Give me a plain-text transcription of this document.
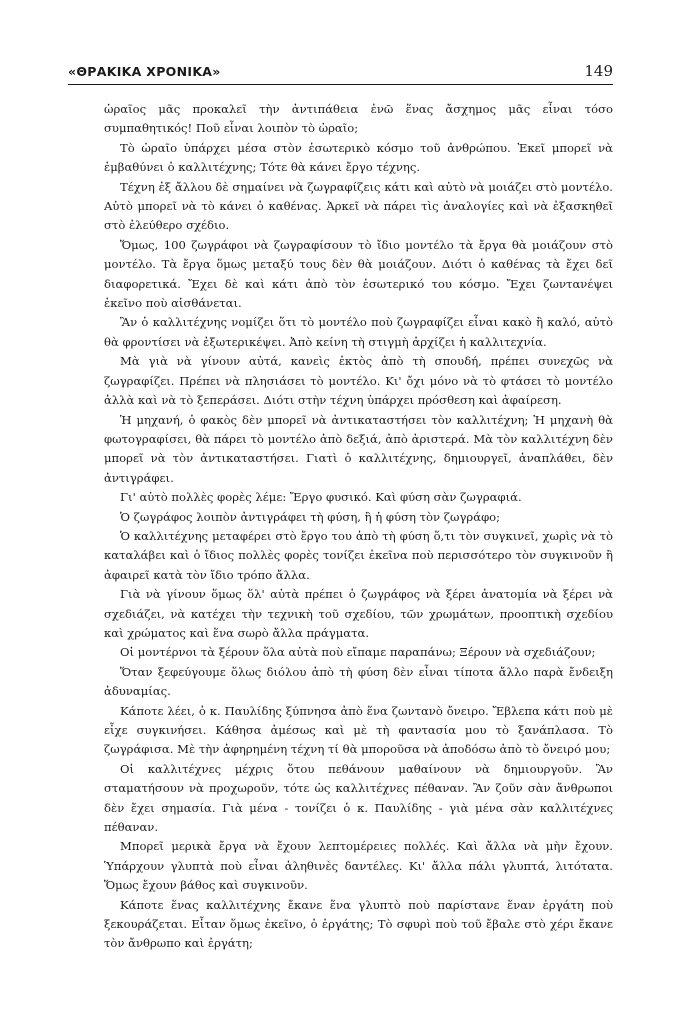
«ΘΡΑΚΙΚΑ ΧΡΟΝΙΚΑ»	149

ὡραῖος μᾶς προκαλεῖ τὴν ἀντιπάθεια ἐνῶ ἕνας ἄσχημος μᾶς εἶναι τόσο συμπαθητικός! Ποῦ εἶναι λοιπὸν τὸ ὡραῖο;

Τὸ ὡραῖο ὑπάρχει μέσα στὸν ἐσωτερικὸ κόσμο τοῦ ἀνθρώπου. Ἐκεῖ μπορεῖ νὰ ἐμβαθύνει ὁ καλλιτέχνης; Τότε θὰ κάνει ἔργο τέχνης.

Τέχνη ἐξ ἄλλου δὲ σημαίνει νὰ ζωγραφίζεις κάτι καὶ αὐτὸ νὰ μοιάζει στὸ μοντέλο. Αὐτὸ μπορεῖ νὰ τὸ κάνει ὁ καθένας. Ἀρκεῖ νὰ πάρει τὶς ἀναλογίες καὶ νὰ ἐξασκηθεῖ στὸ ἐλεύθερο σχέδιο.

Ὅμως, 100 ζωγράφοι νὰ ζωγραφίσουν τὸ ἴδιο μοντέλο τὰ ἔργα θὰ μοιάζουν στὸ μοντέλο. Τὰ ἔργα ὅμως μεταξύ τους δὲν θὰ μοιάζουν. Διότι ὁ καθένας τὰ ἔχει δεῖ διαφορετικά. Ἔχει δὲ καὶ κάτι ἀπὸ τὸν ἐσωτερικό του κόσμο. Ἔχει ζωντανέψει ἐκεῖνο ποὺ αἰσθάνεται.

Ἂν ὁ καλλιτέχνης νομίζει ὅτι τὸ μοντέλο ποὺ ζωγραφίζει εἶναι κακὸ ἢ καλό, αὐτὸ θὰ φροντίσει νὰ ἐξωτερικέψει. Ἀπὸ κείνη τὴ στιγμὴ ἀρχίζει ἡ καλλιτεχνία.

Μὰ γιὰ νὰ γίνουν αὐτά, κανεὶς ἐκτὸς ἀπὸ τὴ σπουδή, πρέπει συνεχῶς νὰ ζωγραφίζει. Πρέπει νὰ πλησιάσει τὸ μοντέλο. Κι' ὄχι μόνο νὰ τὸ φτάσει τὸ μοντέλο ἀλλὰ καὶ νὰ τὸ ξεπεράσει. Διότι στὴν τέχνη ὑπάρχει πρόσθεση καὶ ἀφαίρεση.

Ἡ μηχανή, ὁ φακὸς δὲν μπορεῖ νὰ ἀντικαταστήσει τὸν καλλιτέχνη; Ἡ μηχανὴ θὰ φωτογραφίσει, θὰ πάρει τὸ μοντέλο ἀπὸ δεξιά, ἀπὸ ἀριστερά. Μὰ τὸν καλλιτέχνη δὲν μπορεῖ νὰ τὸν ἀντικαταστήσει. Γιατὶ ὁ καλλιτέχνης, δημιουργεῖ, ἀναπλάθει, δὲν ἀντιγράφει.

Γι' αὐτὸ πολλὲς φορὲς λέμε: Ἔργο φυσικό. Καὶ φύση σὰν ζωγραφιά.

Ὁ ζωγράφος λοιπὸν ἀντιγράφει τὴ φύση, ἢ ἡ φύση τὸν ζωγράφο;

Ὁ καλλιτέχνης μεταφέρει στὸ ἔργο του ἀπὸ τὴ φύση ὅ,τι τὸν συγκινεῖ, χωρὶς νὰ τὸ καταλάβει καὶ ὁ ἴδιος πολλὲς φορὲς τονίζει ἐκεῖνα ποὺ περισσότερο τὸν συγκινοῦν ἢ ἀφαιρεῖ κατὰ τὸν ἴδιο τρόπο ἄλλα.

Γιὰ νὰ γίνουν ὅμως ὅλ' αὐτὰ πρέπει ὁ ζωγράφος νὰ ξέρει ἀνατομία νὰ ξέρει νὰ σχεδιάζει, νὰ κατέχει τὴν τεχνικὴ τοῦ σχεδίου, τῶν χρωμάτων, προοπτικὴ σχεδίου καὶ χρώματος καὶ ἕνα σωρὸ ἄλλα πράγματα.

Οἱ μοντέρνοι τὰ ξέρουν ὅλα αὐτὰ ποὺ εἴπαμε παραπάνω; Ξέρουν νὰ σχεδιάζουν;

Ὅταν ξεφεύγουμε ὅλως διόλου ἀπὸ τὴ φύση δὲν εἶναι τίποτα ἄλλο παρὰ ἔνδειξη ἀδυναμίας.

Κάποτε λέει, ὁ κ. Παυλίδης ξύπνησα ἀπὸ ἕνα ζωντανὸ ὄνειρο. Ἔβλεπα κάτι ποὺ μὲ εἶχε συγκινήσει. Κάθησα ἀμέσως καὶ μὲ τὴ φαντασία μου τὸ ξανάπλασα. Τὸ ζωγράφισα. Μὲ τὴν ἀφηρημένη τέχνη τί θὰ μποροῦσα νὰ ἀποδόσω ἀπὸ τὸ ὄνειρό μου;

Οἱ καλλιτέχνες μέχρις ὅτου πεθάνουν μαθαίνουν νὰ δημιουργοῦν. Ἂν σταματήσουν νὰ προχωροῦν, τότε ὡς καλλιτέχνες πέθαναν. Ἂν ζοῦν σὰν ἄνθρωποι δὲν ἔχει σημασία. Γιὰ μένα - τονίζει ὁ κ. Παυλίδης - γιὰ μένα σὰν καλλιτέχνες πέθαναν.

Μπορεῖ μερικὰ ἔργα νὰ ἔχουν λεπτομέρειες πολλές. Καὶ ἄλλα νὰ μὴν ἔχουν. Ὑπάρχουν γλυπτὰ ποὺ εἶναι ἀληθινὲς δαντέλες. Κι' ἄλλα πάλι γλυπτά, λιτότατα. Ὅμως ἔχουν βάθος καὶ συγκινοῦν.

Κάποτε ἕνας καλλιτέχνης ἔκανε ἕνα γλυπτὸ ποὺ παρίστανε ἕναν ἐργάτη ποὺ ξεκουράζεται. Εἶταν ὅμως ἐκεῖνο, ὁ ἐργάτης; Τὸ σφυρὶ ποὺ τοῦ ἔβαλε στὸ χέρι ἔκανε τὸν ἄνθρωπο καὶ ἐργάτη;
